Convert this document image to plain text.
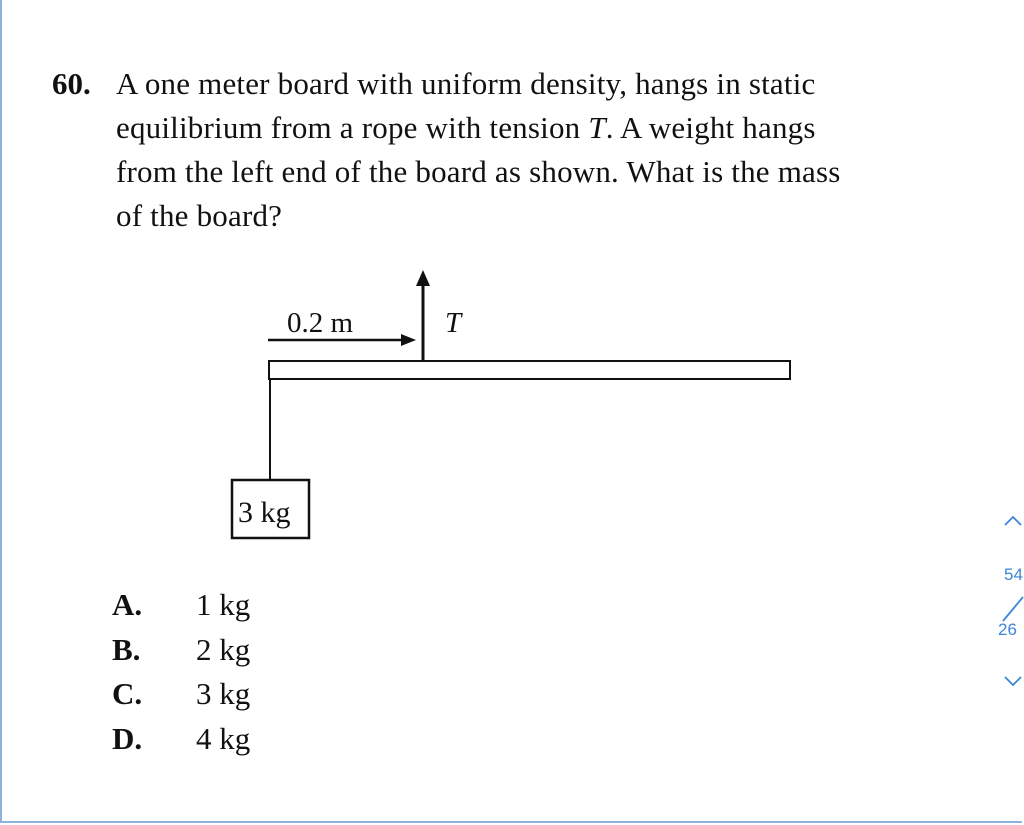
60. A one meter board with uniform density, hangs in static
equilibrium from a rope with tension T. A weight hangs
from the left end of the board as shown. What is the mass
of the board?
0.2 m	T
3 kg
A.	1 kg
B.	2 kg
C.	3 kg
D.	4 kg
54
26
